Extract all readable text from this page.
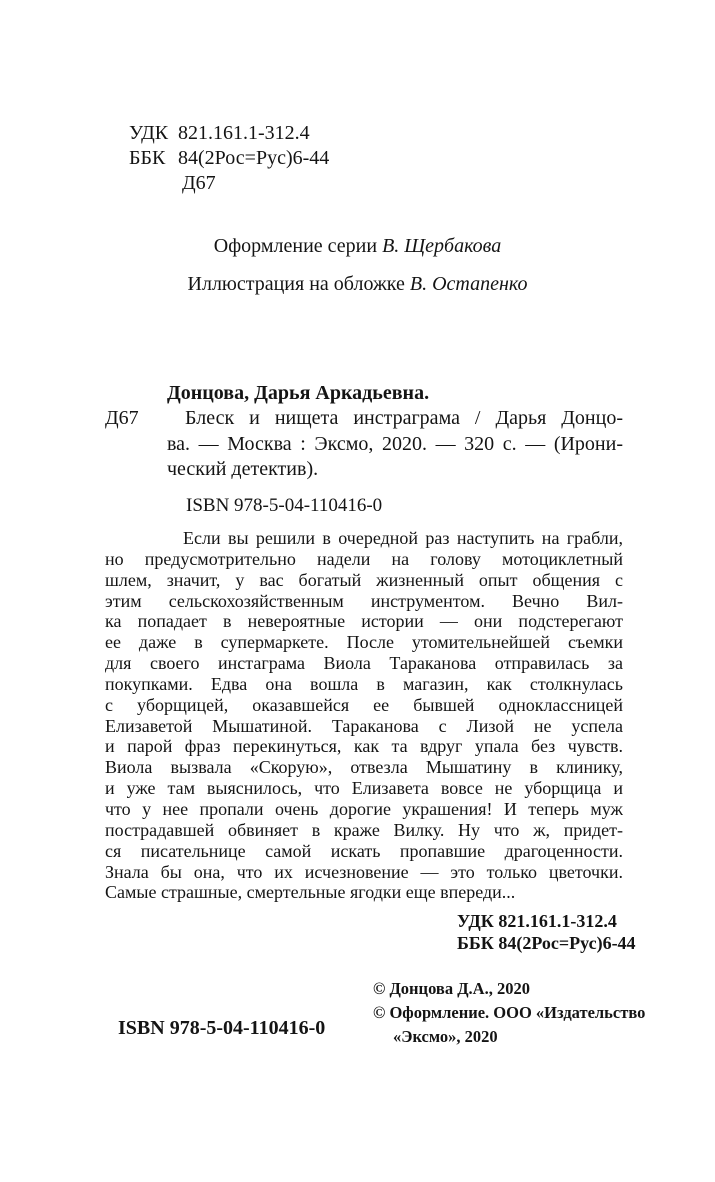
УДК 821.161.1-312.4
ББК 84(2Рос=Рус)6-44
Д67
Оформление серии В. Щербакова
Иллюстрация на обложке В. Остапенко
Донцова, Дарья Аркадьевна.
Д67 Блеск и нищета инстраграма / Дарья Донцо-
ва. — Москва : Эксмо, 2020. — 320 с. — (Ирони-
ческий детектив).
ISBN 978-5-04-110416-0
Если вы решили в очередной раз наступить на грабли,
но предусмотрительно надели на голову мотоциклетный
шлем, значит, у вас богатый жизненный опыт общения с
этим сельскохозяйственным инструментом. Вечно Вил-
ка попадает в невероятные истории — они подстерегают
ее даже в супермаркете. После утомительнейшей съемки
для своего инстаграма Виола Тараканова отправилась за
покупками. Едва она вошла в магазин, как столкнулась
с уборщицей, оказавшейся ее бывшей одноклассницей
Елизаветой Мышатиной. Тараканова с Лизой не успела
и парой фраз перекинуться, как та вдруг упала без чувств.
Виола вызвала «Скорую», отвезла Мышатину в клинику,
и уже там выяснилось, что Елизавета вовсе не уборщица и
что у нее пропали очень дорогие украшения! И теперь муж
пострадавшей обвиняет в краже Вилку. Ну что ж, придет-
ся писательнице самой искать пропавшие драгоценности.
Знала бы она, что их исчезновение — это только цветочки.
Самые страшные, смертельные ягодки еще впереди...
УДК 821.161.1-312.4
ББК 84(2Рос=Рус)6-44
© Донцова Д.А., 2020
© Оформление. ООО «Издательство
«Эксмо», 2020
ISBN 978-5-04-110416-0
